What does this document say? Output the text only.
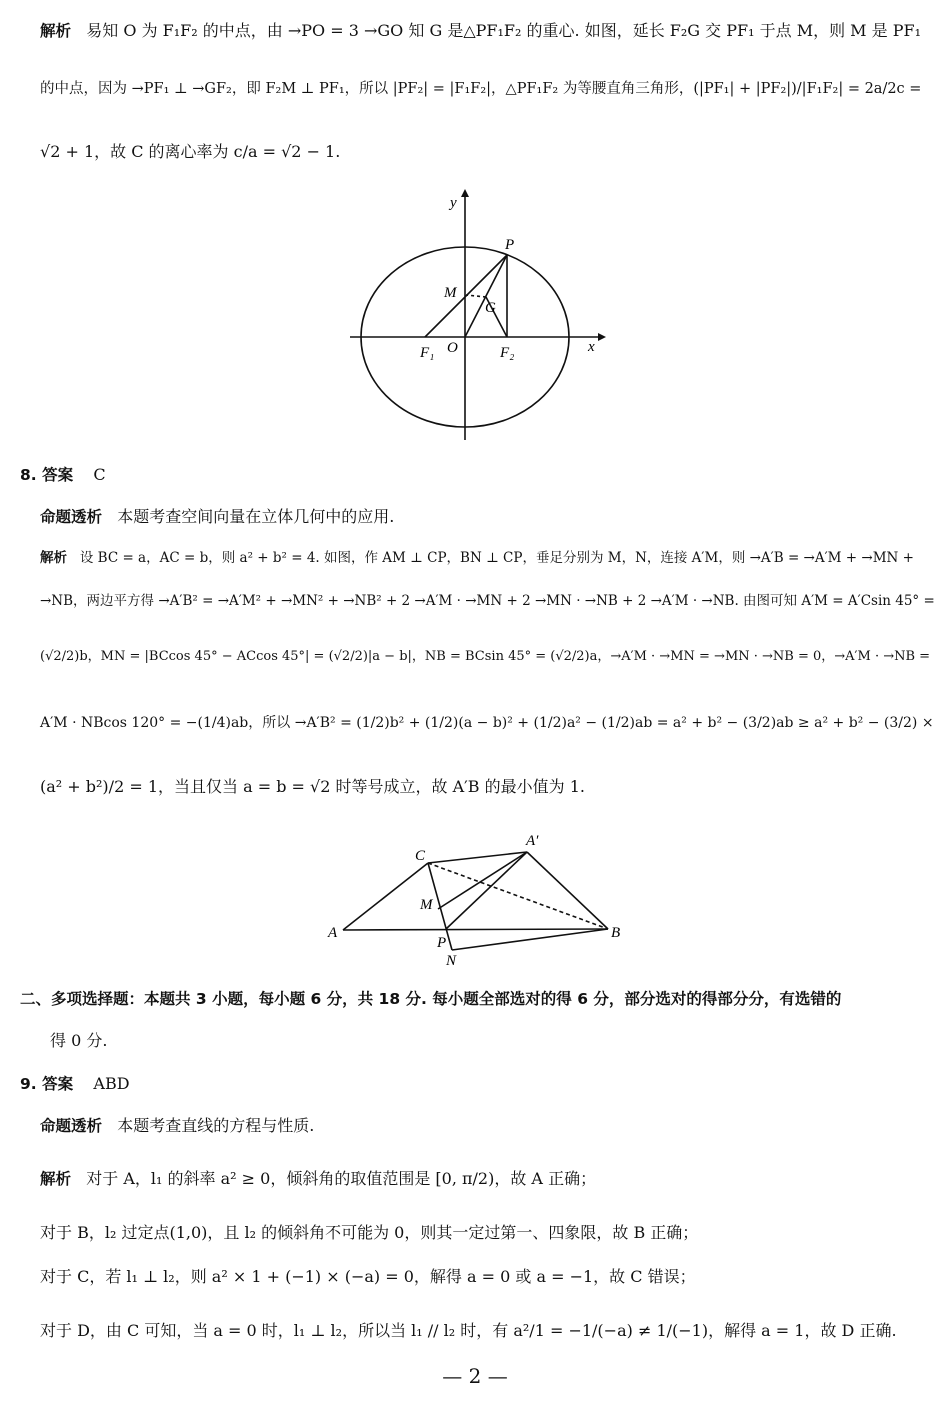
解析 易知 O 为 F₁F₂ 的中点，由 →PO = 3 →GO 知 G 是△PF₁F₂ 的重心. 如图，延长 F₂G 交 PF₁ 于点 M，则 M 是 PF₁
的中点，因为 →PF₁ ⊥ →GF₂，即 F₂M ⊥ PF₁，所以 |PF₂| = |F₁F₂|，△PF₁F₂ 为等腰直角三角形，(|PF₁| + |PF₂|)/|F₁F₂| = 2a/2c =
√2 + 1，故 C 的离心率为 c/a = √2 − 1.
y
x
P
M
G
F₁ O	F₂
8. 答案 C
命题透析 本题考查空间向量在立体几何中的应用.
解析 设 BC = a，AC = b，则 a² + b² = 4. 如图，作 AM ⊥ CP，BN ⊥ CP，垂足分别为 M，N，连接 A′M，则 →A′B = →A′M + →MN +
→NB，两边平方得 →A′B² = →A′M² + →MN² + →NB² + 2 →A′M · →MN + 2 →MN · →NB + 2 →A′M · →NB. 由图可知 A′M = A′Csin 45° =
(√2/2)b，MN = |BCcos 45° − ACcos 45°| = (√2/2)|a − b|，NB = BCsin 45° = (√2/2)a，→A′M · →MN = →MN · →NB = 0，→A′M · →NB =
A′M · NBcos 120° = −(1/4)ab，所以 →A′B² = (1/2)b² + (1/2)(a − b)² + (1/2)a² − (1/2)ab = a² + b² − (3/2)ab ≥ a² + b² − (3/2) ×
(a² + b²)/2 = 1，当且仅当 a = b = √2 时等号成立，故 A′B 的最小值为 1.
C
A′
M
A
P
B
N
二、多项选择题：本题共 3 小题，每小题 6 分，共 18 分. 每小题全部选对的得 6 分，部分选对的得部分分，有选错的
得 0 分.
9. 答案 ABD
命题透析 本题考查直线的方程与性质.
解析 对于 A，l₁ 的斜率 a² ≥ 0，倾斜角的取值范围是 [0, π/2)，故 A 正确；
对于 B，l₂ 过定点(1,0)，且 l₂ 的倾斜角不可能为 0，则其一定过第一、四象限，故 B 正确；
对于 C，若 l₁ ⊥ l₂，则 a² × 1 + (−1) × (−a) = 0，解得 a = 0 或 a = −1，故 C 错误；
对于 D，由 C 可知，当 a = 0 时，l₁ ⊥ l₂，所以当 l₁ // l₂ 时，有 a²/1 = −1/(−a) ≠ 1/(−1)，解得 a = 1，故 D 正确.
— 2 —
